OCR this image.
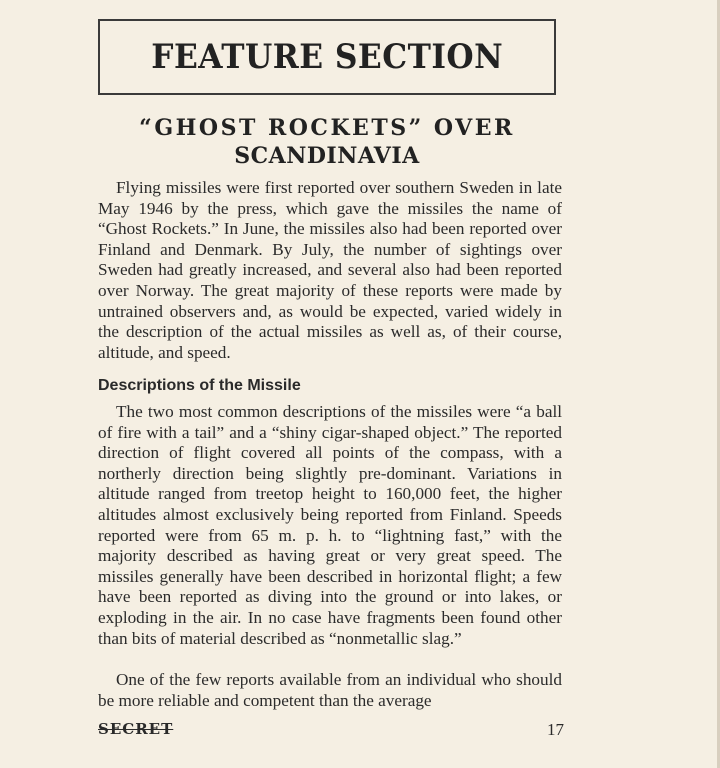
FEATURE SECTION
“GHOST ROCKETS” OVER
SCANDINAVIA

Flying missiles were first reported over southern Sweden in late May 1946 by the press, which gave the missiles the name of “Ghost Rockets.” In June, the missiles also had been reported over Finland and Denmark. By July, the number of sightings over Sweden had greatly increased, and several also had been reported over Norway. The great majority of these reports were made by untrained observers and, as would be expected, varied widely in the description of the actual missiles as well as, of their course, altitude, and speed.

Descriptions of the Missile

The two most common descriptions of the missiles were “a ball of fire with a tail” and a “shiny cigar-shaped object.” The reported direction of flight covered all points of the compass, with a northerly direction being slightly pre-dominant. Variations in altitude ranged from treetop height to 160,000 feet, the higher altitudes almost exclusively being reported from Finland. Speeds reported were from 65 m. p. h. to “lightning fast,” with the majority described as having great or very great speed. The missiles generally have been described in horizontal flight; a few have been reported as diving into the ground or into lakes, or exploding in the air. In no case have fragments been found other than bits of material described as “nonmetallic slag.”

One of the few reports available from an individual who should be more reliable and competent than the average

SECRET	17
